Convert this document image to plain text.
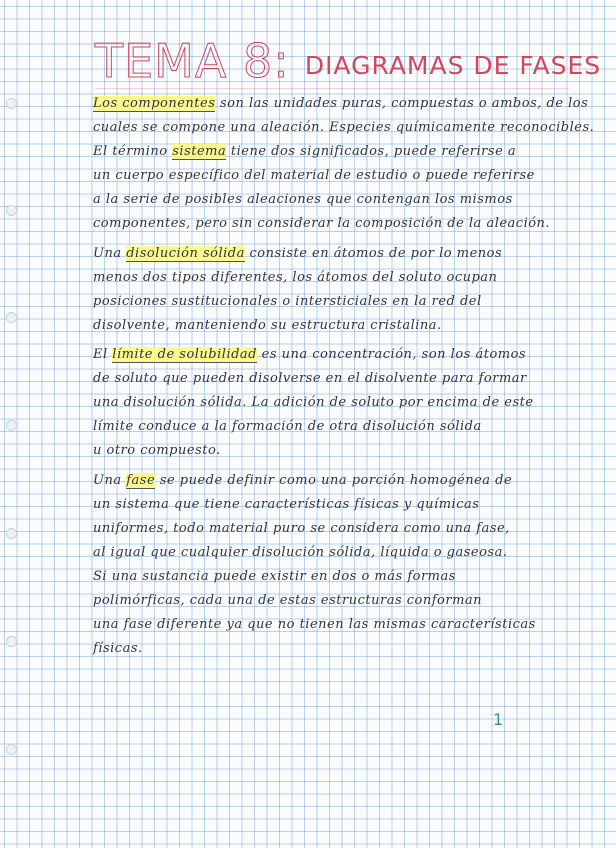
TEMA 8: DIAGRAMAS DE FASES
Los componentes son las unidades puras, compuestas o ambos, de los
cuales se compone una aleación. Especies químicamente reconocibles.
El término sistema tiene dos significados, puede referirse a
un cuerpo específico del material de estudio o puede referirse
a la serie de posibles aleaciones que contengan los mismos
componentes, pero sin considerar la composición de la aleación.
Una disolución sólida consiste en átomos de por lo menos
menos dos tipos diferentes, los átomos del soluto ocupan
posiciones sustitucionales o intersticiales en la red del
disolvente, manteniendo su estructura cristalina.
El límite de solubilidad es una concentración, son los átomos
de soluto que pueden disolverse en el disolvente para formar
una disolución sólida. La adición de soluto por encima de este
límite conduce a la formación de otra disolución sólida
u otro compuesto.
Una fase se puede definir como una porción homogénea de
un sistema que tiene características físicas y químicas
uniformes, todo material puro se considera como una fase,
al igual que cualquier disolución sólida, líquida o gaseosa.
Si una sustancia puede existir en dos o más formas
polimórficas, cada una de estas estructuras conforman
una fase diferente ya que no tienen las mismas características
físicas.
1
